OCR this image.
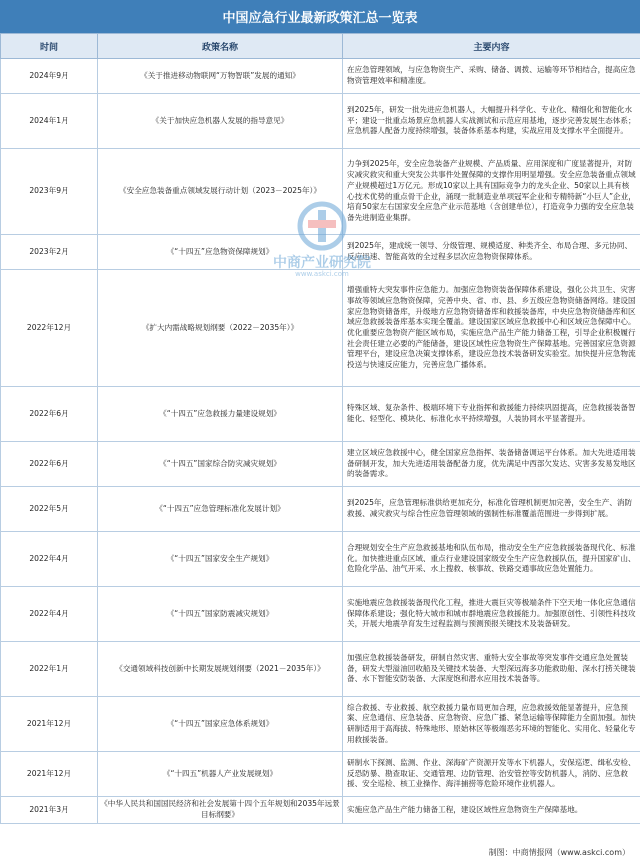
中国应急行业最新政策汇总一览表
时间	政策名称	主要内容
2024年9月	《关于推进移动物联网“万物智联”发展的通知》	在应急管理领域，与应急物资生产、采购、储备、调拨、运输等环节相结合，提高应急物资管理效率和精准度。
2024年1月	《关于加快应急机器人发展的指导意见》	到2025年，研发一批先进应急机器人，大幅提升科学化、专业化、精细化和智能化水平；建设一批重点场景应急机器人实战测试和示范应用基地，逐步完善发展生态体系；应急机器人配备力度持续增强，装备体系基本构建，实战应用及支撑水平全面提升。
2023年9月	《安全应急装备重点领域发展行动计划（2023－2025年）》	力争到2025年，安全应急装备产业规模、产品质量、应用深度和广度显著提升，对防灾减灾救灾和重大突发公共事件处置保障的支撑作用明显增强。安全应急装备重点领域产业规模超过1万亿元。形成10家以上具有国际竞争力的龙头企业、50家以上具有核心技术优势的重点骨干企业，涌现一批制造业单项冠军企业和专精特新“小巨人”企业，培育50家左右国家安全应急产业示范基地（含创建单位），打造竞争力强的安全应急装备先进制造业集群。
2023年2月	《“十四五”应急物资保障规划》	到2025年，建成统一领导、分级管理、规模适度、种类齐全、布局合理、多元协同、反应迅速、智能高效的全过程多层次应急物资保障体系。
2022年12月	《扩大内需战略规划纲要（2022－2035年）》	增强重特大突发事件应急能力。加强应急物资装备保障体系建设，强化公共卫生、灾害事故等领域应急物资保障，完善中央、省、市、县、乡五级应急物资储备网络。建设国家应急物资储备库，升级地方应急物资储备库和救援装备库，中央应急物资储备库和区域应急救援装备库基本实现全覆盖。建设国家区域应急救援中心和区域应急保障中心。优化重要应急物资产能区域布局，实施应急产品生产能力储备工程，引导企业积极履行社会责任建立必要的产能储备，建设区域性应急物资生产保障基地。完善国家应急资源管理平台，建设应急决策支撑体系，建设应急技术装备研发实验室。加快提升应急物流投送与快速反应能力，完善应急广播体系。
2022年6月	《“十四五”应急救援力量建设规划》	特殊区域、复杂条件、极端环境下专业指挥和救援能力持续巩固提高，应急救援装备智能化、轻型化、模块化、标准化水平持续增强，人装协同水平显著提升。
2022年6月	《“十四五”国家综合防灾减灾规划》	建立区域应急救援中心，健全国家应急指挥、装备储备调运平台体系。加大先进适用装备研制开发，加大先进适用装备配备力度，优先满足中西部欠发达、灾害多发易发地区的装备需求。
2022年5月	《“十四五”应急管理标准化发展计划》	到2025年，应急管理标准供给更加充分，标准化管理机制更加完善，安全生产、消防救援、减灾救灾与综合性应急管理领域的强制性标准覆盖范围进一步得到扩展。
2022年4月	《“十四五”国家安全生产规划》	合理规划安全生产应急救援基地和队伍布局，推动安全生产应急救援装备现代化、标准化。加快推进重点区域、重点行业建设国家级安全生产应急救援队伍，提升国家矿山、危险化学品、油气开采、水上搜救、核事故、铁路交通事故应急处置能力。
2022年4月	《“十四五”国家防震减灾规划》	实施地震应急救援装备现代化工程，推进大震巨灾等极端条件下空天地一体化应急通信保障体系建设；强化特大城市和城市群地震应急救援能力。加强原创性、引领性科技攻关，开展大地震孕育发生过程监测与预测预报关键技术及装备研发。
2022年1月	《交通领域科技创新中长期发展规划纲要（2021－2035年）》	加强应急救援装备研发，研制自然灾害、重特大安全事故等突发事件交通应急处置装备，研发大型溢油回收船及关键技术装备、大型深远海多功能救助船、深水打捞关键装备、水下智能安防装备、大深度饱和潜水应用技术装备等。
2021年12月	《“十四五”国家应急体系规划》	综合救援、专业救援、航空救援力量布局更加合理，应急救援效能显著提升，应急预案、应急通信、应急装备、应急物资、应急广播、紧急运输等保障能力全面加强。加快研制适用于高海拔、特殊地形、原始林区等极端恶劣环境的智能化、实用化、轻量化专用救援装备。
2021年12月	《“十四五”机器人产业发展规划》	研制水下探测、监测、作业、深海矿产资源开发等水下机器人，安保巡逻、缉私安检、反恐防暴、勘查取证、交通管理、边防管理、治安管控等安防机器人，消防、应急救援、安全巡检、核工业操作、海洋捕捞等危险环境作业机器人。
2021年3月	《中华人民共和国国民经济和社会发展第十四个五年规划和2035年远景目标纲要》	实施应急产品生产能力储备工程，建设区域性应急物资生产保障基地。
中商产业研究院
www.askci.com
制图：中商情报网（www.askci.com）
